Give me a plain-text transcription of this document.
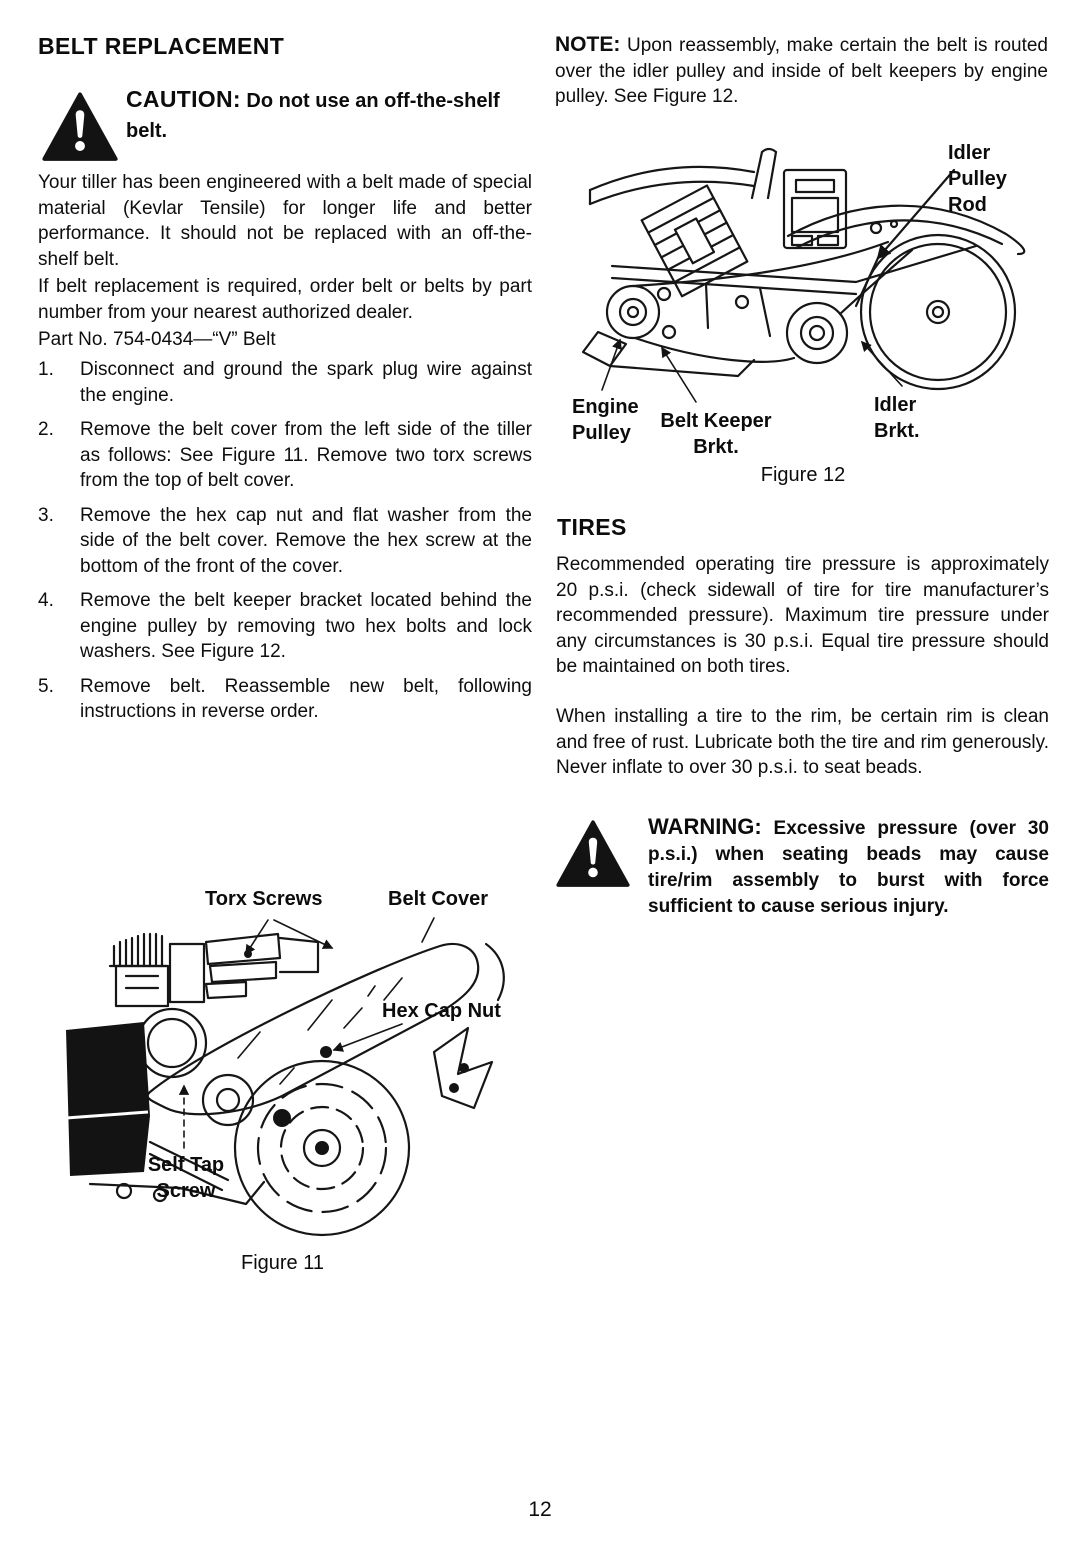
BELT REPLACEMENT
CAUTION: Do not use an off-the-shelf belt.
Your tiller has been engineered with a belt made of special material (Kevlar Tensile) for longer life and better performance. It should not be replaced with an off-the-shelf belt.
If belt replacement is required, order belt or belts by part number from your nearest authorized dealer.
Part No. 754-0434—“V” Belt
1.	Disconnect and ground the spark plug wire against the engine.
2.	Remove the belt cover from the left side of the tiller as follows: See Figure 11. Remove two torx screws from the top of belt cover.
3.	Remove the hex cap nut and flat washer from the side of the belt cover. Remove the hex screw at the bottom of the front of the cover.
4.	Remove the belt keeper bracket located behind the engine pulley by removing two hex bolts and lock washers. See Figure 12.
5.	Remove belt. Reassemble new belt, following instructions in reverse order.
Torx Screws	Belt Cover
Hex Cap Nut
Self Tap Screw
Figure 11
NOTE: Upon reassembly, make certain the belt is routed over the idler pulley and inside of belt keepers by engine pulley. See Figure 12.
Idler Pulley Rod
Engine Pulley
Belt Keeper Brkt.
Idler Brkt.
Figure 12
TIRES
Recommended operating tire pressure is approximately 20 p.s.i. (check sidewall of tire for tire manufacturer’s recommended pressure). Maximum tire pressure under any circumstances is 30 p.s.i. Equal tire pressure should be maintained on both tires.
When installing a tire to the rim, be certain rim is clean and free of rust. Lubricate both the tire and rim generously. Never inflate to over 30 p.s.i. to seat beads.
WARNING: Excessive pressure (over 30 p.s.i.) when seating beads may cause tire/rim assembly to burst with force sufficient to cause serious injury.
12
